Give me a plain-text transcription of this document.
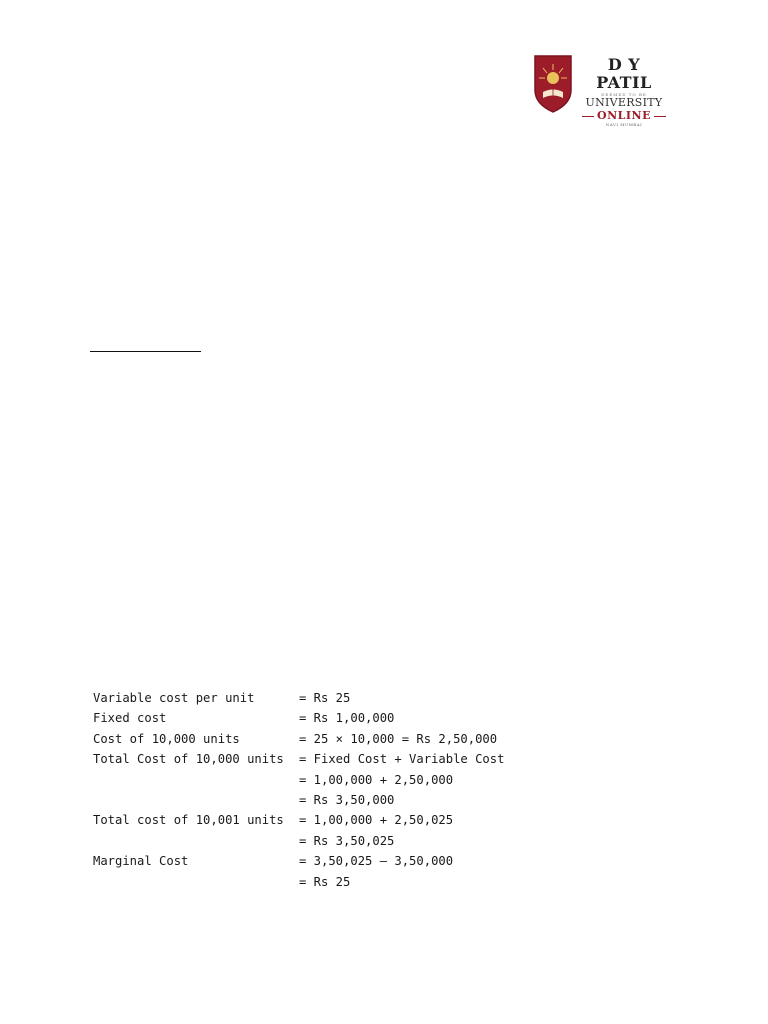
D Y PATIL
DEEMED TO BE
UNIVERSITY
ONLINE
NAVI MUMBAI
Variable cost per unit	= Rs 25
Fixed cost	= Rs 1,00,000
Cost of 10,000 units	= 25 × 10,000 = Rs 2,50,000
Total Cost of 10,000 units	= Fixed Cost + Variable Cost
= 1,00,000 + 2,50,000
= Rs 3,50,000
Total cost of 10,001 units	= 1,00,000 + 2,50,025
= Rs 3,50,025
Marginal Cost	= 3,50,025 – 3,50,000
= Rs 25
